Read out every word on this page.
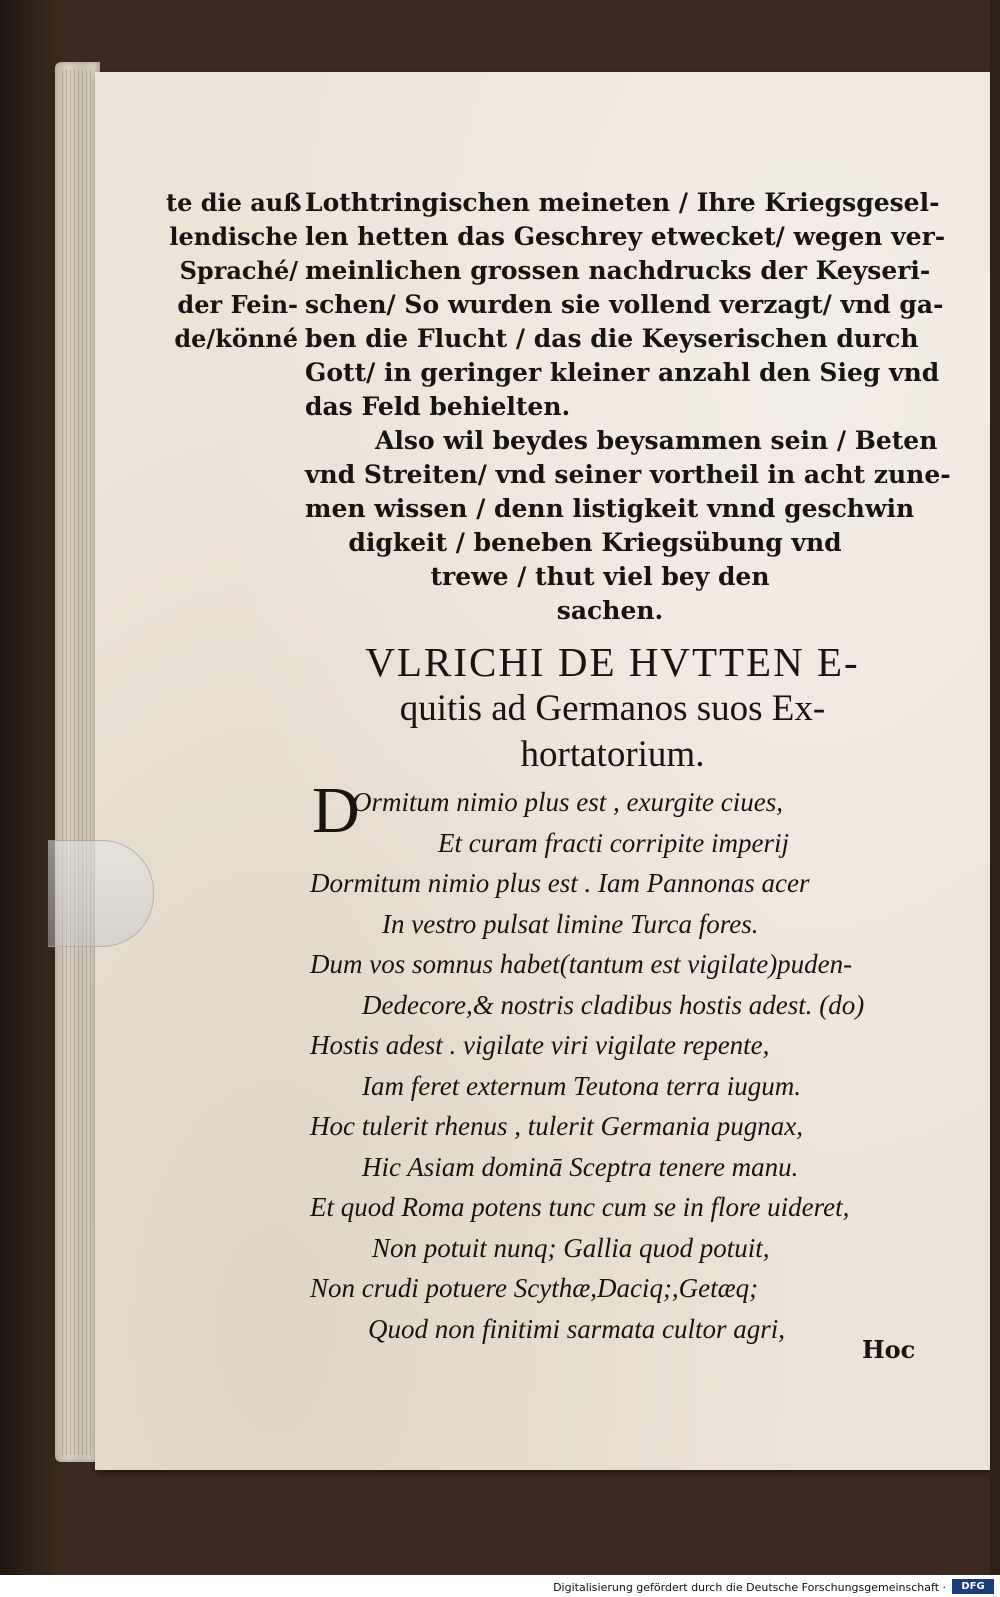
te die auß
lendische
Spraché/
der Fein-
de/könné
Lothtringischen meineten / Ihre Kriegsgesel-
len hetten das Geschrey etwecket/ wegen ver-
meinlichen grossen nachdrucks der Keyseri-
schen/ So wurden sie vollend verzagt/ vnd ga-
ben die Flucht / das die Keyserischen durch
Gott/ in geringer kleiner anzahl den Sieg vnd
das Feld behielten.
Also wil beydes beysammen sein / Beten
vnd Streiten/ vnd seiner vortheil in acht zune-
men wissen / denn listigkeit vnnd geschwin
digkeit / beneben Kriegsübung vnd
trewe / thut viel bey den
sachen.
VLRICHI DE HVTTEN E-
quitis ad Germanos suos Ex-
hortatorium.
D
Ormitum nimio plus est , exurgite ciues,
Et curam fracti corripite imperij
Dormitum nimio plus est . Iam Pannonas acer
In vestro pulsat limine Turca fores.
Dum vos somnus habet(tantum est vigilate)puden-
Dedecore,& nostris cladibus hostis adest. (do)
Hostis adest . vigilate viri vigilate repente,
Iam feret externum Teutona terra iugum.
Hoc tulerit rhenus , tulerit Germania pugnax,
Hic Asiam dominā Sceptra tenere manu.
Et quod Roma potens tunc cum se in flore uideret,
Non potuit nunq; Gallia quod potuit,
Non crudi potuere Scythæ,Daciq;,Getæq;
Quod non finitimi sarmata cultor agri,
Hoc
Digitalisierung gefördert durch die Deutsche Forschungsgemeinschaft ·	DFG
